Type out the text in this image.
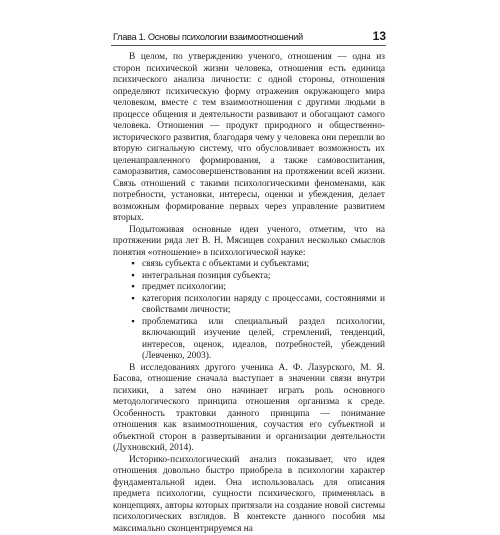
Глава 1. Основы психологии взаимоотношений	13

В целом, по утверждению ученого, отношения — одна из сторон психической жизни человека, отношения есть единица психического анализа личности: с одной стороны, отношения определяют психическую форму отражения окружающего мира человеком, вместе с тем взаимоотношения с другими людьми в процессе общения и деятельности развивают и обогащают самого человека. Отношения — продукт природного и общественно-исторического развития, благодаря чему у человека они перешли во вторую сигнальную систему, что обусловливает возможность их целенаправленного формирования, а также самовоспитания, саморазвития, самосовершенствования на протяжении всей жизни. Связь отношений с такими психологическими феноменами, как потребности, установки, интересы, оценки и убеждения, делает возможным формирование первых через управление развитием вторых.

Подытоживая основные идеи ученого, отметим, что на протяжении ряда лет В. Н. Мясищев сохранил несколько смыслов понятия «отношение» в психологической науке:

▪ связь субъекта с объектами и субъектами;
▪ интегральная позиция субъекта;
▪ предмет психологии;
▪ категория психологии наряду с процессами, состояниями и свойствами личности;
▪ проблематика или специальный раздел психологии, включающий изучение целей, стремлений, тенденций, интересов, оценок, идеалов, потребностей, убеждений (Левченко, 2003).

В исследованиях другого ученика А. Ф. Лазурского, М. Я. Басова, отношение сначала выступает в значении связи внутри психики, а затем оно начинает играть роль основного методологического принципа отношения организма к среде. Особенность трактовки данного принципа — понимание отношения как взаимоотношения, соучастия его субъектной и объектной сторон в развертывании и организации деятельности (Духновский, 2014).

Историко-психологический анализ показывает, что идея отношения довольно быстро приобрела в психологии характер фундаментальной идеи. Она использовалась для описания предмета психологии, сущности психического, применялась в концепциях, авторы которых притязали на создание новой системы психологических взглядов. В контексте данного пособия мы максимально сконцентрируемся на
